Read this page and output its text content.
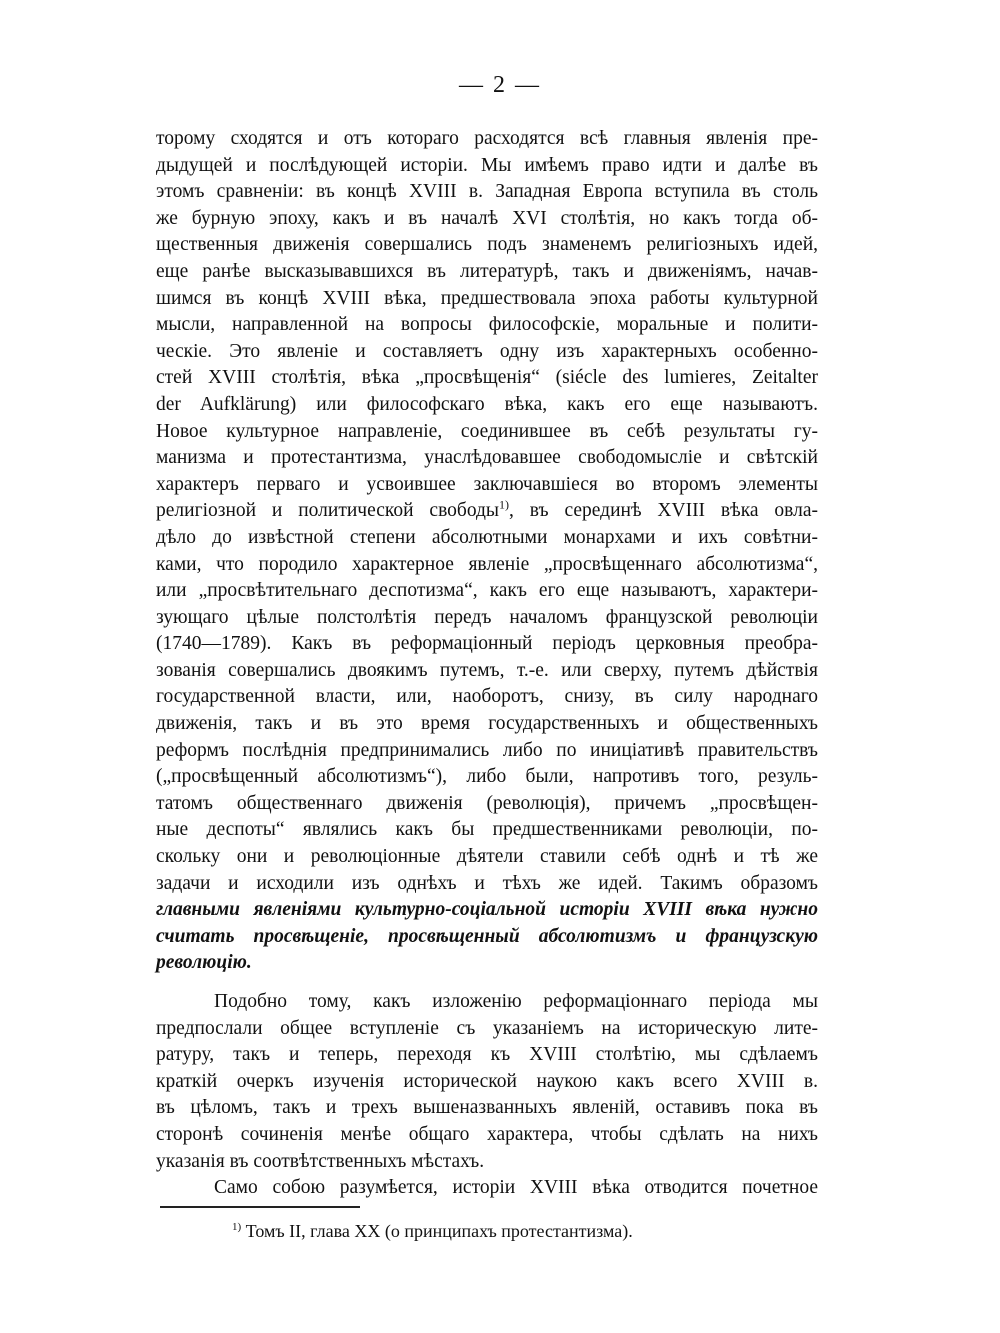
— 2 —
торому сходятся и отъ котораго расходятся всѣ главныя явленія пре-
дыдущей и послѣдующей исторіи. Мы имѣемъ право идти и далѣе въ
этомъ сравненіи: въ концѣ XVIII в. Западная Европа вступила въ столь
же бурную эпоху, какъ и въ началѣ XVI столѣтія, но какъ тогда об-
щественныя движенія совершались подъ знаменемъ религіозныхъ идей,
еще ранѣе высказывавшихся въ литературѣ, такъ и движеніямъ, начав-
шимся въ концѣ XVIII вѣка, предшествовала эпоха работы культурной
мысли, направленной на вопросы философскіе, моральные и полити-
ческіе. Это явленіе и составляетъ одну изъ характерныхъ особенно-
стей XVIII столѣтія, вѣка „просвѣщенія“ (siécle des lumieres, Zeitalter
der Aufklärung) или философскаго вѣка, какъ его еще называютъ.
Новое культурное направленіе, соединившее въ себѣ результаты гу-
манизма и протестантизма, унаслѣдовавшее свободомысліе и свѣтскій
характеръ перваго и усвоившее заключавшіеся во второмъ элементы
религіозной и политической свободы$^{1)}$, въ серединѣ XVIII вѣка овла-
дѣло до извѣстной степени абсолютными монархами и ихъ совѣтни-
ками, что породило характерное явленіе „просвѣщеннаго абсолютизма“,
или „просвѣтительнаго деспотизма“, какъ его еще называютъ, характери-
зующаго цѣлые полстолѣтія передъ началомъ французской революціи
(1740—1789). Какъ въ реформаціонный періодъ церковныя преобра-
зованія совершались двоякимъ путемъ, т.-е. или сверху, путемъ дѣйствія
государственной власти, или, наоборотъ, снизу, въ силу народнаго
движенія, такъ и въ это время государственныхъ и общественныхъ
реформъ послѣднія предпринимались либо по иниціативѣ правительствъ
(„просвѣщенный абсолютизмъ“), либо были, напротивъ того, резуль-
татомъ общественнаго движенія (революція), причемъ „просвѣщен-
ные деспоты“ являлись какъ бы предшественниками революціи, по-
скольку они и революціонные дѣятели ставили себѣ однѣ и тѣ же
задачи и исходили изъ однѣхъ и тѣхъ же идей. Такимъ образомъ
главными явленіями культурно-соціальной исторіи XVIII вѣка нужно
считать просвѣщеніе, просвѣщенный абсолютизмъ и французскую
революцію.
Подобно тому, какъ изложенію реформаціоннаго періода мы
предпослали общее вступленіе съ указаніемъ на историческую лите-
ратуру, такъ и теперь, переходя къ XVIII столѣтію, мы сдѣлаемъ
краткій очеркъ изученія исторической наукою какъ всего XVIII в.
въ цѣломъ, такъ и трехъ вышеназванныхъ явленій, оставивъ пока въ
сторонѣ сочиненія менѣе общаго характера, чтобы сдѣлать на нихъ
указанія въ соотвѣтственныхъ мѣстахъ.
Само собою разумѣется, исторіи XVIII вѣка отводится почетное
$^{1)}$ Томъ II, глава XX (о принципахъ протестантизма).
